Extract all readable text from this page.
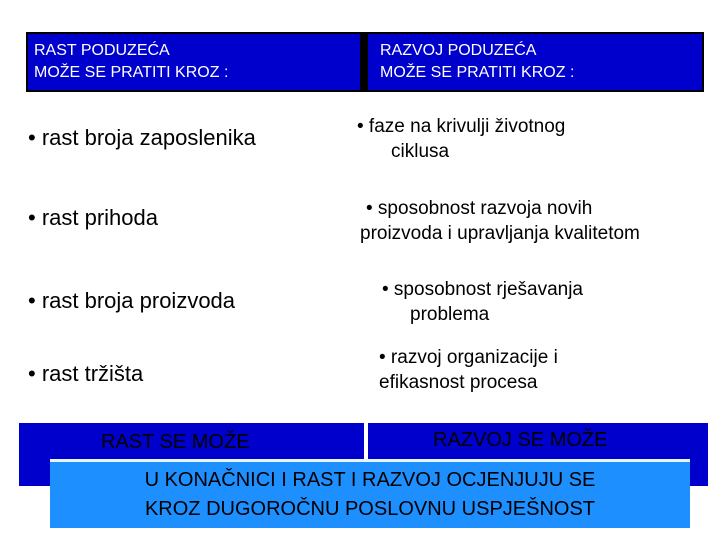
RAST PODUZEĆA
MOŽE SE PRATITI KROZ :
RAZVOJ PODUZEĆA
MOŽE SE PRATITI KROZ :
• rast broja zaposlenika
• rast prihoda
• rast broja proizvoda
• rast tržišta
• faze na krivulji životnog
ciklusa
• sposobnost razvoja novih
proizvoda i upravljanja kvalitetom
• sposobnost rješavanja
problema
• razvoj organizacije i
efikasnost procesa
RAST SE MOŽE	RAZVOJ SE MOŽE
U KONAČNICI I RAST I RAZVOJ OCJENJUJU SE
KROZ DUGOROČNU POSLOVNU USPJEŠNOST
